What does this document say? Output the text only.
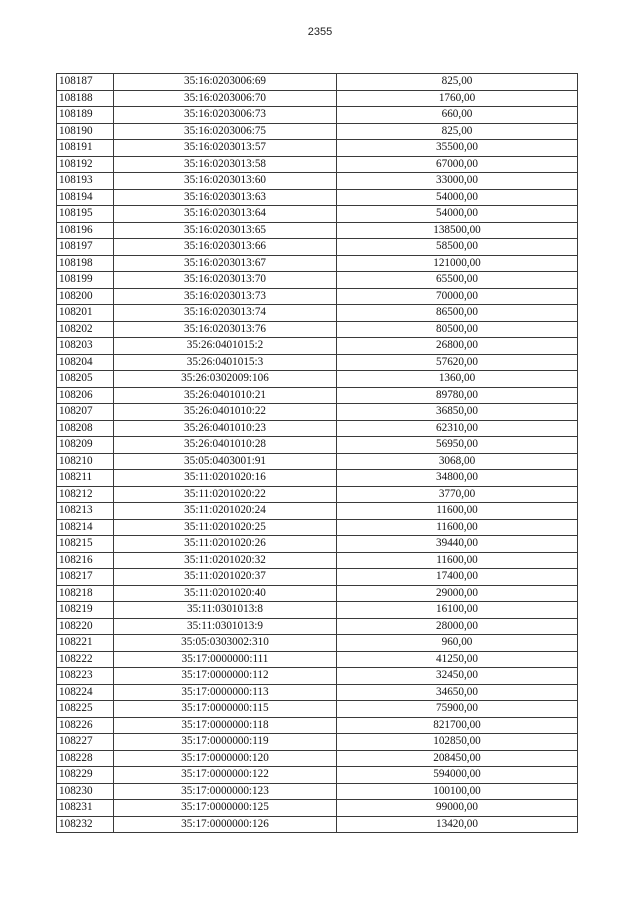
2355
108187	35:16:0203006:69	825,00
108188	35:16:0203006:70	1760,00
108189	35:16:0203006:73	660,00
108190	35:16:0203006:75	825,00
108191	35:16:0203013:57	35500,00
108192	35:16:0203013:58	67000,00
108193	35:16:0203013:60	33000,00
108194	35:16:0203013:63	54000,00
108195	35:16:0203013:64	54000,00
108196	35:16:0203013:65	138500,00
108197	35:16:0203013:66	58500,00
108198	35:16:0203013:67	121000,00
108199	35:16:0203013:70	65500,00
108200	35:16:0203013:73	70000,00
108201	35:16:0203013:74	86500,00
108202	35:16:0203013:76	80500,00
108203	35:26:0401015:2	26800,00
108204	35:26:0401015:3	57620,00
108205	35:26:0302009:106	1360,00
108206	35:26:0401010:21	89780,00
108207	35:26:0401010:22	36850,00
108208	35:26:0401010:23	62310,00
108209	35:26:0401010:28	56950,00
108210	35:05:0403001:91	3068,00
108211	35:11:0201020:16	34800,00
108212	35:11:0201020:22	3770,00
108213	35:11:0201020:24	11600,00
108214	35:11:0201020:25	11600,00
108215	35:11:0201020:26	39440,00
108216	35:11:0201020:32	11600,00
108217	35:11:0201020:37	17400,00
108218	35:11:0201020:40	29000,00
108219	35:11:0301013:8	16100,00
108220	35:11:0301013:9	28000,00
108221	35:05:0303002:310	960,00
108222	35:17:0000000:111	41250,00
108223	35:17:0000000:112	32450,00
108224	35:17:0000000:113	34650,00
108225	35:17:0000000:115	75900,00
108226	35:17:0000000:118	821700,00
108227	35:17:0000000:119	102850,00
108228	35:17:0000000:120	208450,00
108229	35:17:0000000:122	594000,00
108230	35:17:0000000:123	100100,00
108231	35:17:0000000:125	99000,00
108232	35:17:0000000:126	13420,00
